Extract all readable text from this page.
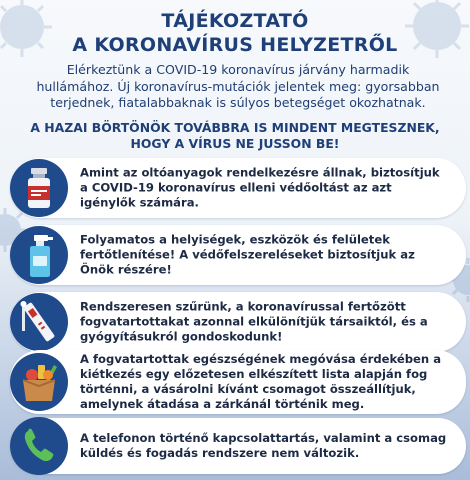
TÁJÉKOZTATÓ
A KORONAVÍRUS HELYZETRŐL
Elérkeztünk a COVID-19 koronavírus járvány harmadik hullámához. Új koronavírus-mutációk jelentek meg: gyorsabban terjednek, fiatalabbaknak is súlyos betegséget okozhatnak.
A HAZAI BÖRTÖNÖK TOVÁBBRA IS MINDENT MEGTESZNEK,
HOGY A VÍRUS NE JUSSON BE!
Amint az oltóanyagok rendelkezésre állnak, biztosítjuk a COVID-19 koronavírus elleni védőoltást az azt igénylők számára.
Folyamatos a helyiségek, eszközök és felületek fertőtlenítése! A védőfelszereléseket biztosítjuk az Önök részére!
Rendszeresen szűrünk, a koronavírussal fertőzött fogvatartottakat azonnal elkülönítjük társaiktól, és a gyógyításukról gondoskodunk!
A fogvatartottak egészségének megóvása érdekében a kiétkezés egy előzetesen elkészített lista alapján fog történni, a vásárolni kívánt csomagot összeállítjuk, amelynek átadása a zárkánál történik meg.
A telefonon történő kapcsolattartás, valamint a csomag küldés és fogadás rendszere nem változik.
